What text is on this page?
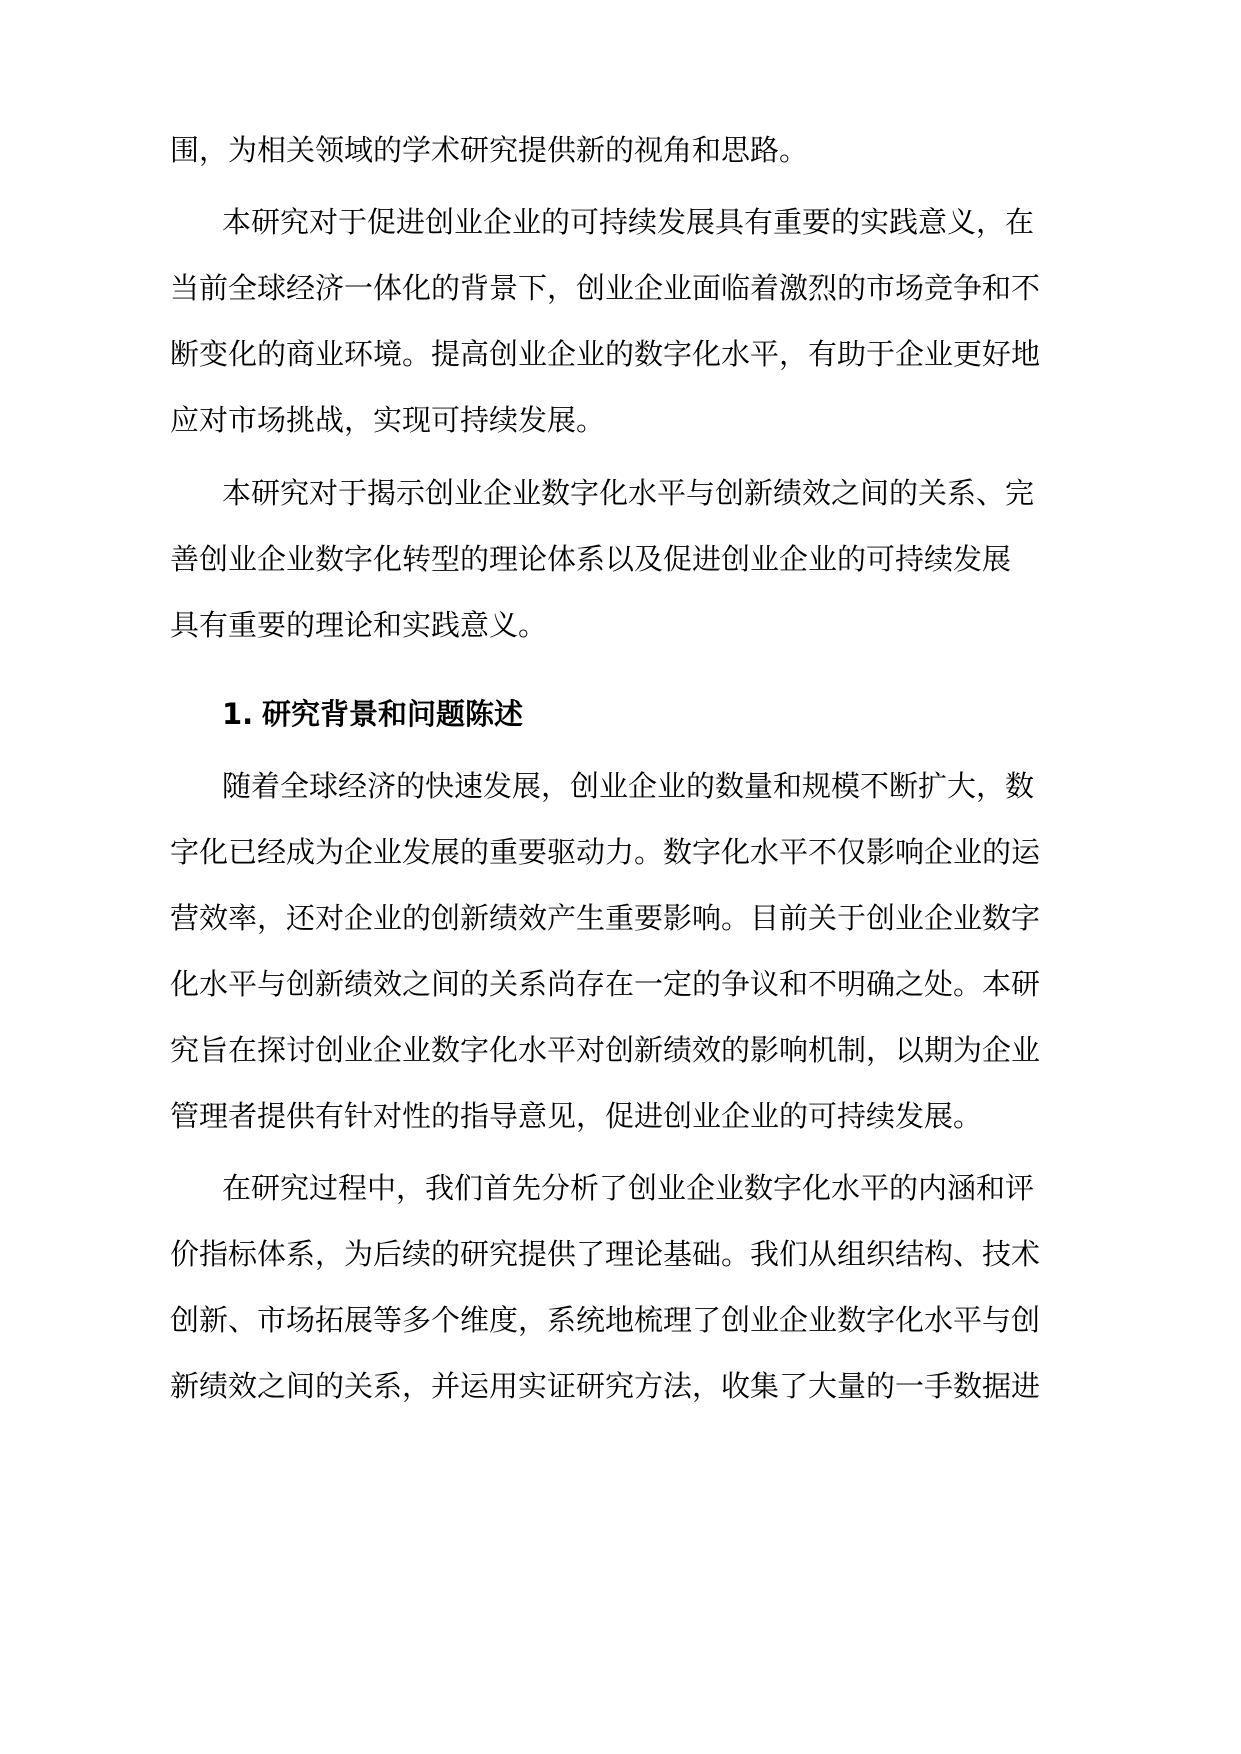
围，为相关领域的学术研究提供新的视角和思路。
本研究对于促进创业企业的可持续发展具有重要的实践意义，在
当前全球经济一体化的背景下，创业企业面临着激烈的市场竞争和不
断变化的商业环境。提高创业企业的数字化水平，有助于企业更好地
应对市场挑战，实现可持续发展。
本研究对于揭示创业企业数字化水平与创新绩效之间的关系、完
善创业企业数字化转型的理论体系以及促进创业企业的可持续发展
具有重要的理论和实践意义。
1. 研究背景和问题陈述
随着全球经济的快速发展，创业企业的数量和规模不断扩大，数
字化已经成为企业发展的重要驱动力。数字化水平不仅影响企业的运
营效率，还对企业的创新绩效产生重要影响。目前关于创业企业数字
化水平与创新绩效之间的关系尚存在一定的争议和不明确之处。本研
究旨在探讨创业企业数字化水平对创新绩效的影响机制，以期为企业
管理者提供有针对性的指导意见，促进创业企业的可持续发展。
在研究过程中，我们首先分析了创业企业数字化水平的内涵和评
价指标体系，为后续的研究提供了理论基础。我们从组织结构、技术
创新、市场拓展等多个维度，系统地梳理了创业企业数字化水平与创
新绩效之间的关系，并运用实证研究方法，收集了大量的一手数据进
